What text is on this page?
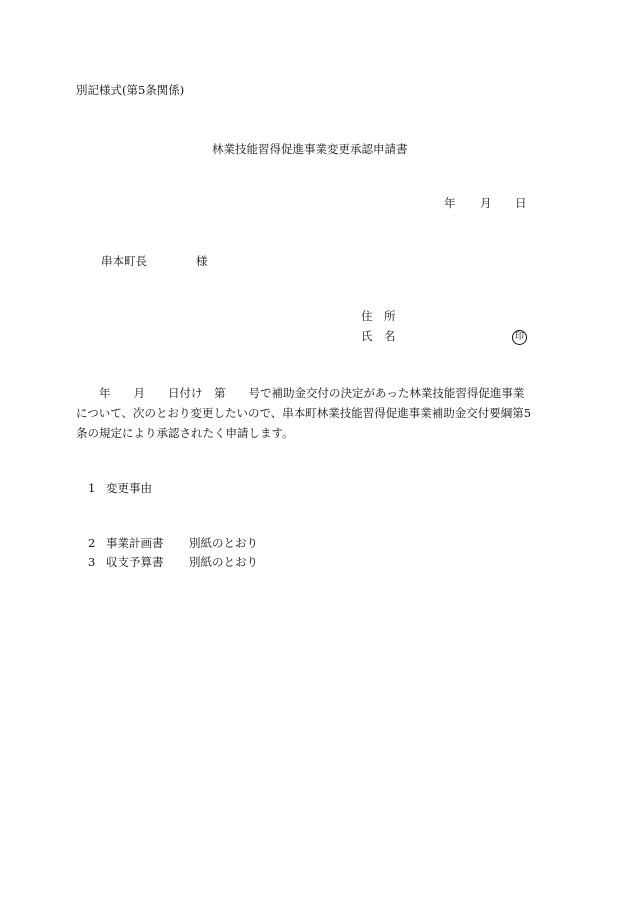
別記様式(第5条関係)
林業技能習得促進事業変更承認申請書
年 月 日
串本町長	様
住　所
氏　名	印
　　年　　月　　日付け　第　　号で補助金交付の決定があった林業技能習得促進事業
について、次のとおり変更したいので、串本町林業技能習得促進事業補助金交付要綱第5
条の規定により承認されたく申請します。
1 変更事由
2 事業計画書 別紙のとおり
3 収支予算書 別紙のとおり
